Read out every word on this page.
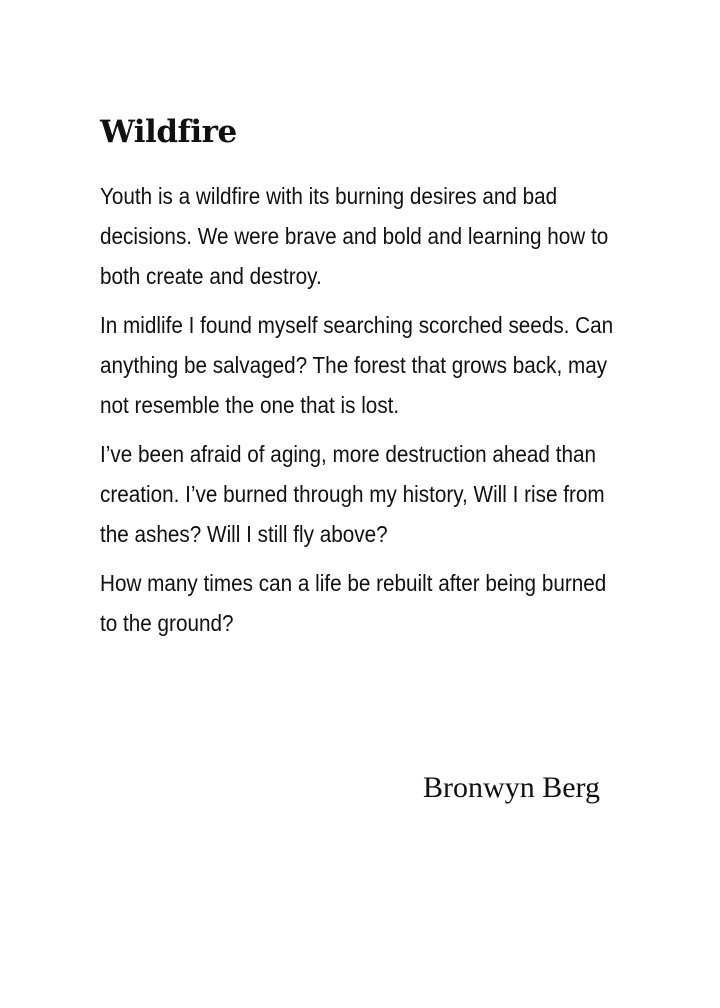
Wildfire

Youth is a wildfire with its burning desires and bad decisions. We were brave and bold and learning how to both create and destroy.

In midlife I found myself searching scorched seeds. Can anything be salvaged? The forest that grows back, may not resemble the one that is lost.

I’ve been afraid of aging, more destruction ahead than creation. I’ve burned through my history, Will I rise from the ashes? Will I still fly above?

How many times can a life be rebuilt after being burned to the ground?

Bronwyn Berg
